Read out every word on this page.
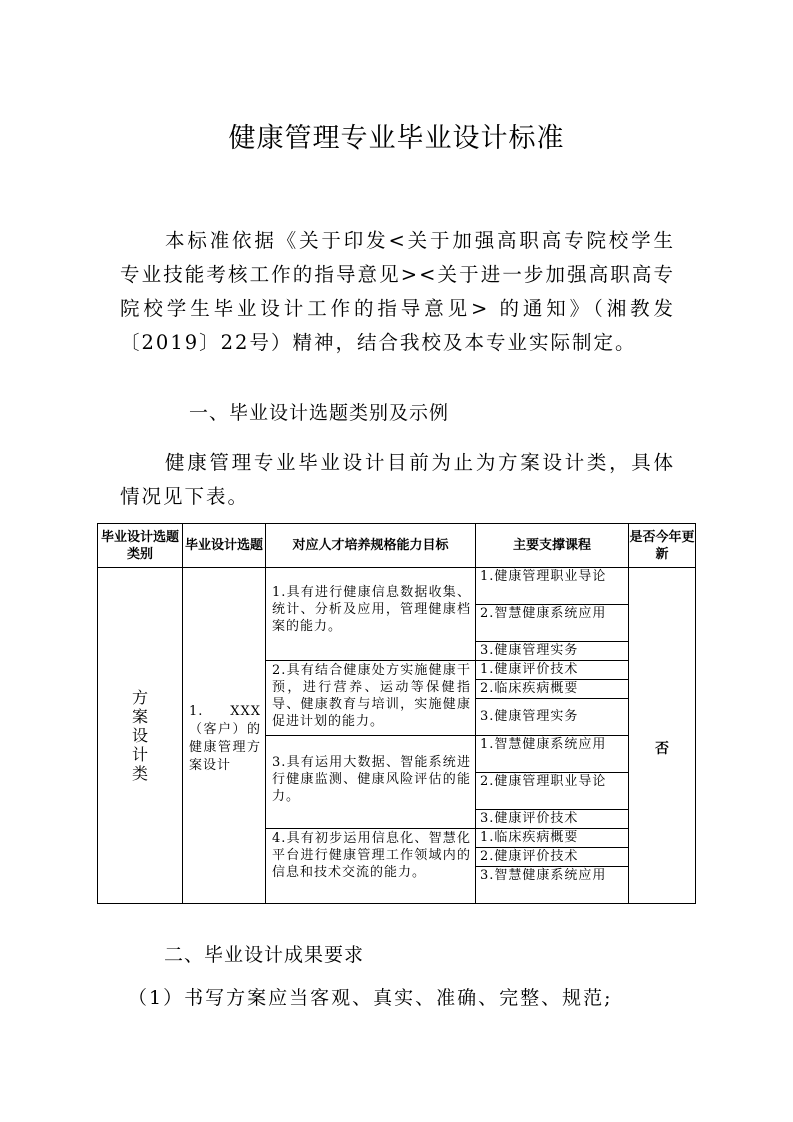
健康管理专业毕业设计标准

本标准依据《关于印发<关于加强高职高专院校学生专业技能考核工作的指导意见><关于进一步加强高职高专院校学生毕业设计工作的指导意见> 的通知》（湘教发〔2019〕22号）精神，结合我校及本专业实际制定。

一、毕业设计选题类别及示例

健康管理专业毕业设计目前为止为方案设计类，具体情况见下表。

毕业设计选题类别	毕业设计选题	对应人才培养规格能力目标	主要支撑课程	是否今年更新

方案设计类	1. XXX（客户）的健康管理方案设计	1.具有进行健康信息数据收集、统计、分析及应用，管理健康档案的能力。	1.健康管理职业导论	否
			2.智慧健康系统应用	
			3.健康管理实务	
		2.具有结合健康处方实施健康干预，进行营养、运动等保健指导、健康教育与培训，实施健康促进计划的能力。	1.健康评价技术	
			2.临床疾病概要	
			3.健康管理实务	
		3.具有运用大数据、智能系统进行健康监测、健康风险评估的能力。	1.智慧健康系统应用	
			2.健康管理职业导论	
			3.健康评价技术	
		4.具有初步运用信息化、智慧化平台进行健康管理工作领域内的信息和技术交流的能力。	1.临床疾病概要	
			2.健康评价技术	
			3.智慧健康系统应用	
二、毕业设计成果要求
（1）书写方案应当客观、真实、准确、完整、规范;
